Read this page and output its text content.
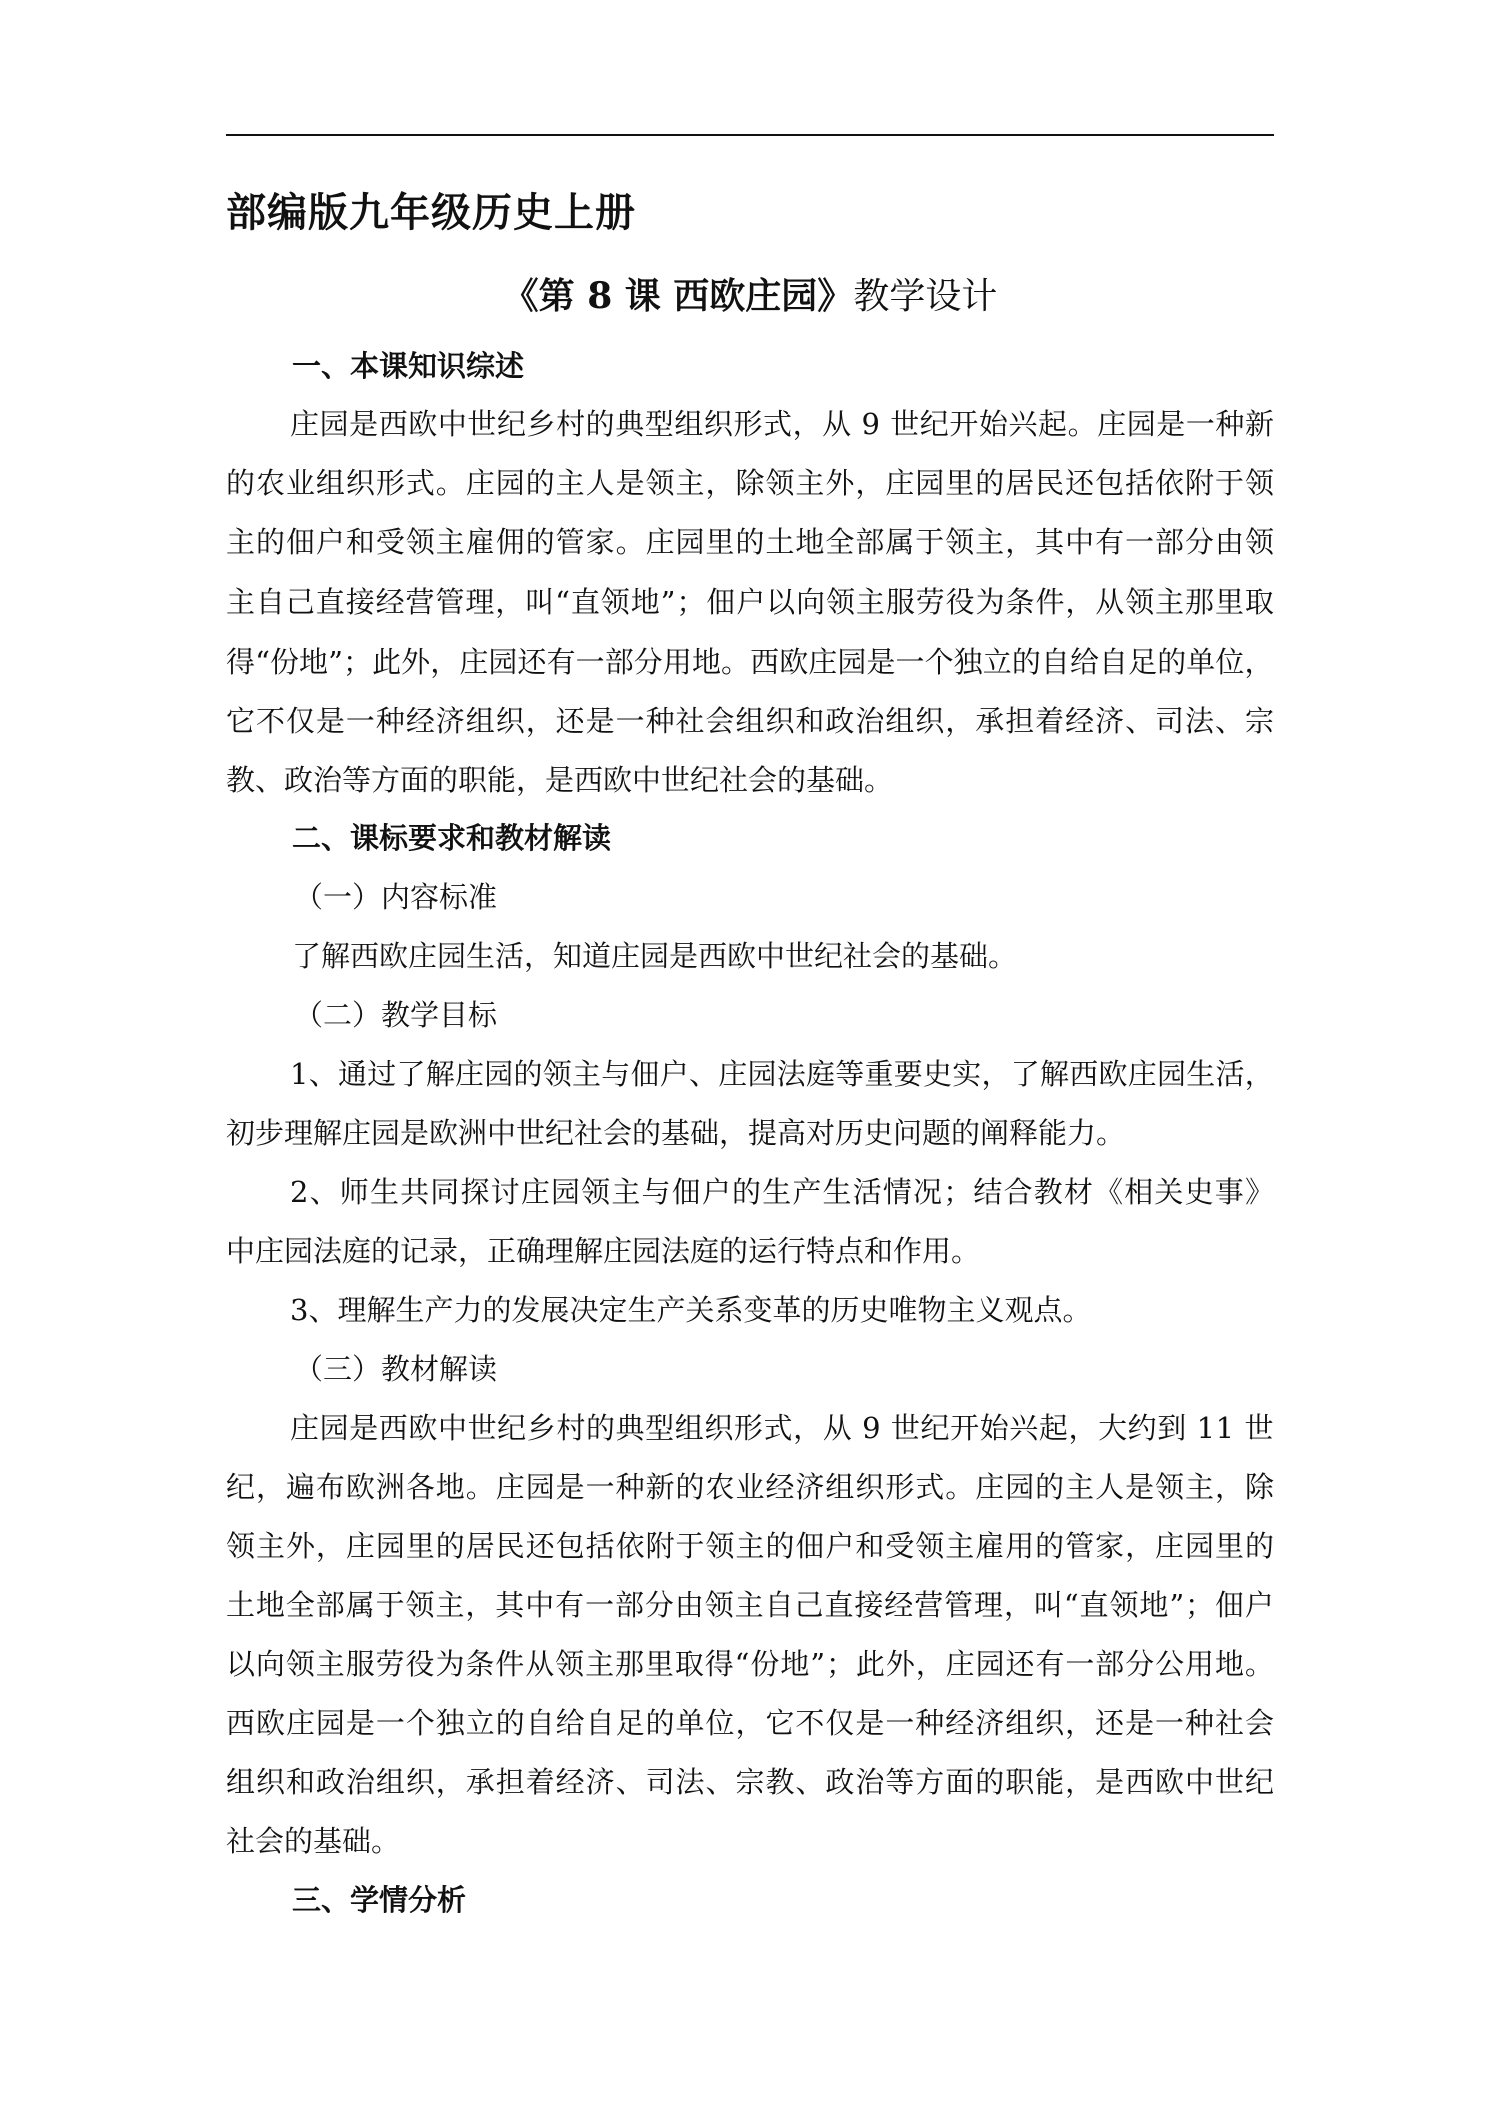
部编版九年级历史上册
《第 8 课 西欧庄园》教学设计

一、本课知识综述

庄 园 是 西 欧 中 世 纪 乡 村 的 典 型 组 织 形 式 ， 从
9
世 纪 开 始 兴 起 。 庄 园 是 一 种 新

的 农 业 组 织 形 式 。 庄 园 的 主 人 是 领 主 ， 除 领 主 外 ， 庄 园 里 的 居 民 还 包 括 依 附 于 领

主 的 佃 户 和 受 领 主 雇 佣 的 管 家 。 庄 园 里 的 土 地 全 部 属 于 领 主 ， 其 中 有 一 部 分 由 领

主 自 己 直 接 经 营 管 理 ， 叫 “ 直 领 地 ” ； 佃 户 以 向 领 主 服 劳 役 为 条 件 ， 从 领 主 那 里 取

得 “ 份 地 ” ； 此 外 ， 庄 园 还 有 一 部 分 用 地 。 西 欧 庄 园 是 一 个 独 立 的 自 给 自 足 的 单 位 ，

它 不 仅 是 一 种 经 济 组 织 ， 还 是 一 种 社 会 组 织 和 政 治 组 织 ， 承 担 着 经 济 、 司 法 、 宗

教、政治等方面的职能，是西欧中世纪社会的基础。

二、课标要求和教材解读

（一）内容标准

了解西欧庄园生活，知道庄园是西欧中世纪社会的基础。

（二）教学目标

1 、 通 过 了 解 庄 园 的 领 主 与 佃 户 、 庄 园 法 庭 等 重 要 史 实 ， 了 解 西 欧 庄 园 生 活 ，

初步理解庄园是欧洲中世纪社会的基础，提高对历史问题的阐释能力。

2 、 师 生 共 同 探 讨 庄 园 领 主 与 佃 户 的 生 产 生 活 情 况 ； 结 合 教 材 《 相 关 史 事 》

中庄园法庭的记录，正确理解庄园法庭的运行特点和作用。

3、理解生产力的发展决定生产关系变革的历史唯物主义观点。

（三）教材解读

庄 园 是 西 欧 中 世 纪 乡 村 的 典 型 组 织 形 式 ， 从
9
世 纪 开 始 兴 起 ， 大 约 到
1 1
世

纪 ， 遍 布 欧 洲 各 地 。 庄 园 是 一 种 新 的 农 业 经 济 组 织 形 式 。 庄 园 的 主 人 是 领 主 ， 除

领 主 外 ， 庄 园 里 的 居 民 还 包 括 依 附 于 领 主 的 佃 户 和 受 领 主 雇 用 的 管 家 ， 庄 园 里 的

土 地 全 部 属 于 领 主 ， 其 中 有 一 部 分 由 领 主 自 己 直 接 经 营 管 理 ， 叫 “ 直 领 地 ” ； 佃 户

以 向 领 主 服 劳 役 为 条 件 从 领 主 那 里 取 得 “ 份 地 ” ； 此 外 ， 庄 园 还 有 一 部 分 公 用 地 。

西 欧 庄 园 是 一 个 独 立 的 自 给 自 足 的 单 位 ， 它 不 仅 是 一 种 经 济 组 织 ， 还 是 一 种 社 会

组 织 和 政 治 组 织 ， 承 担 着 经 济 、 司 法 、 宗 教 、 政 治 等 方 面 的 职 能 ， 是 西 欧 中 世 纪

社会的基础。

三、学情分析
